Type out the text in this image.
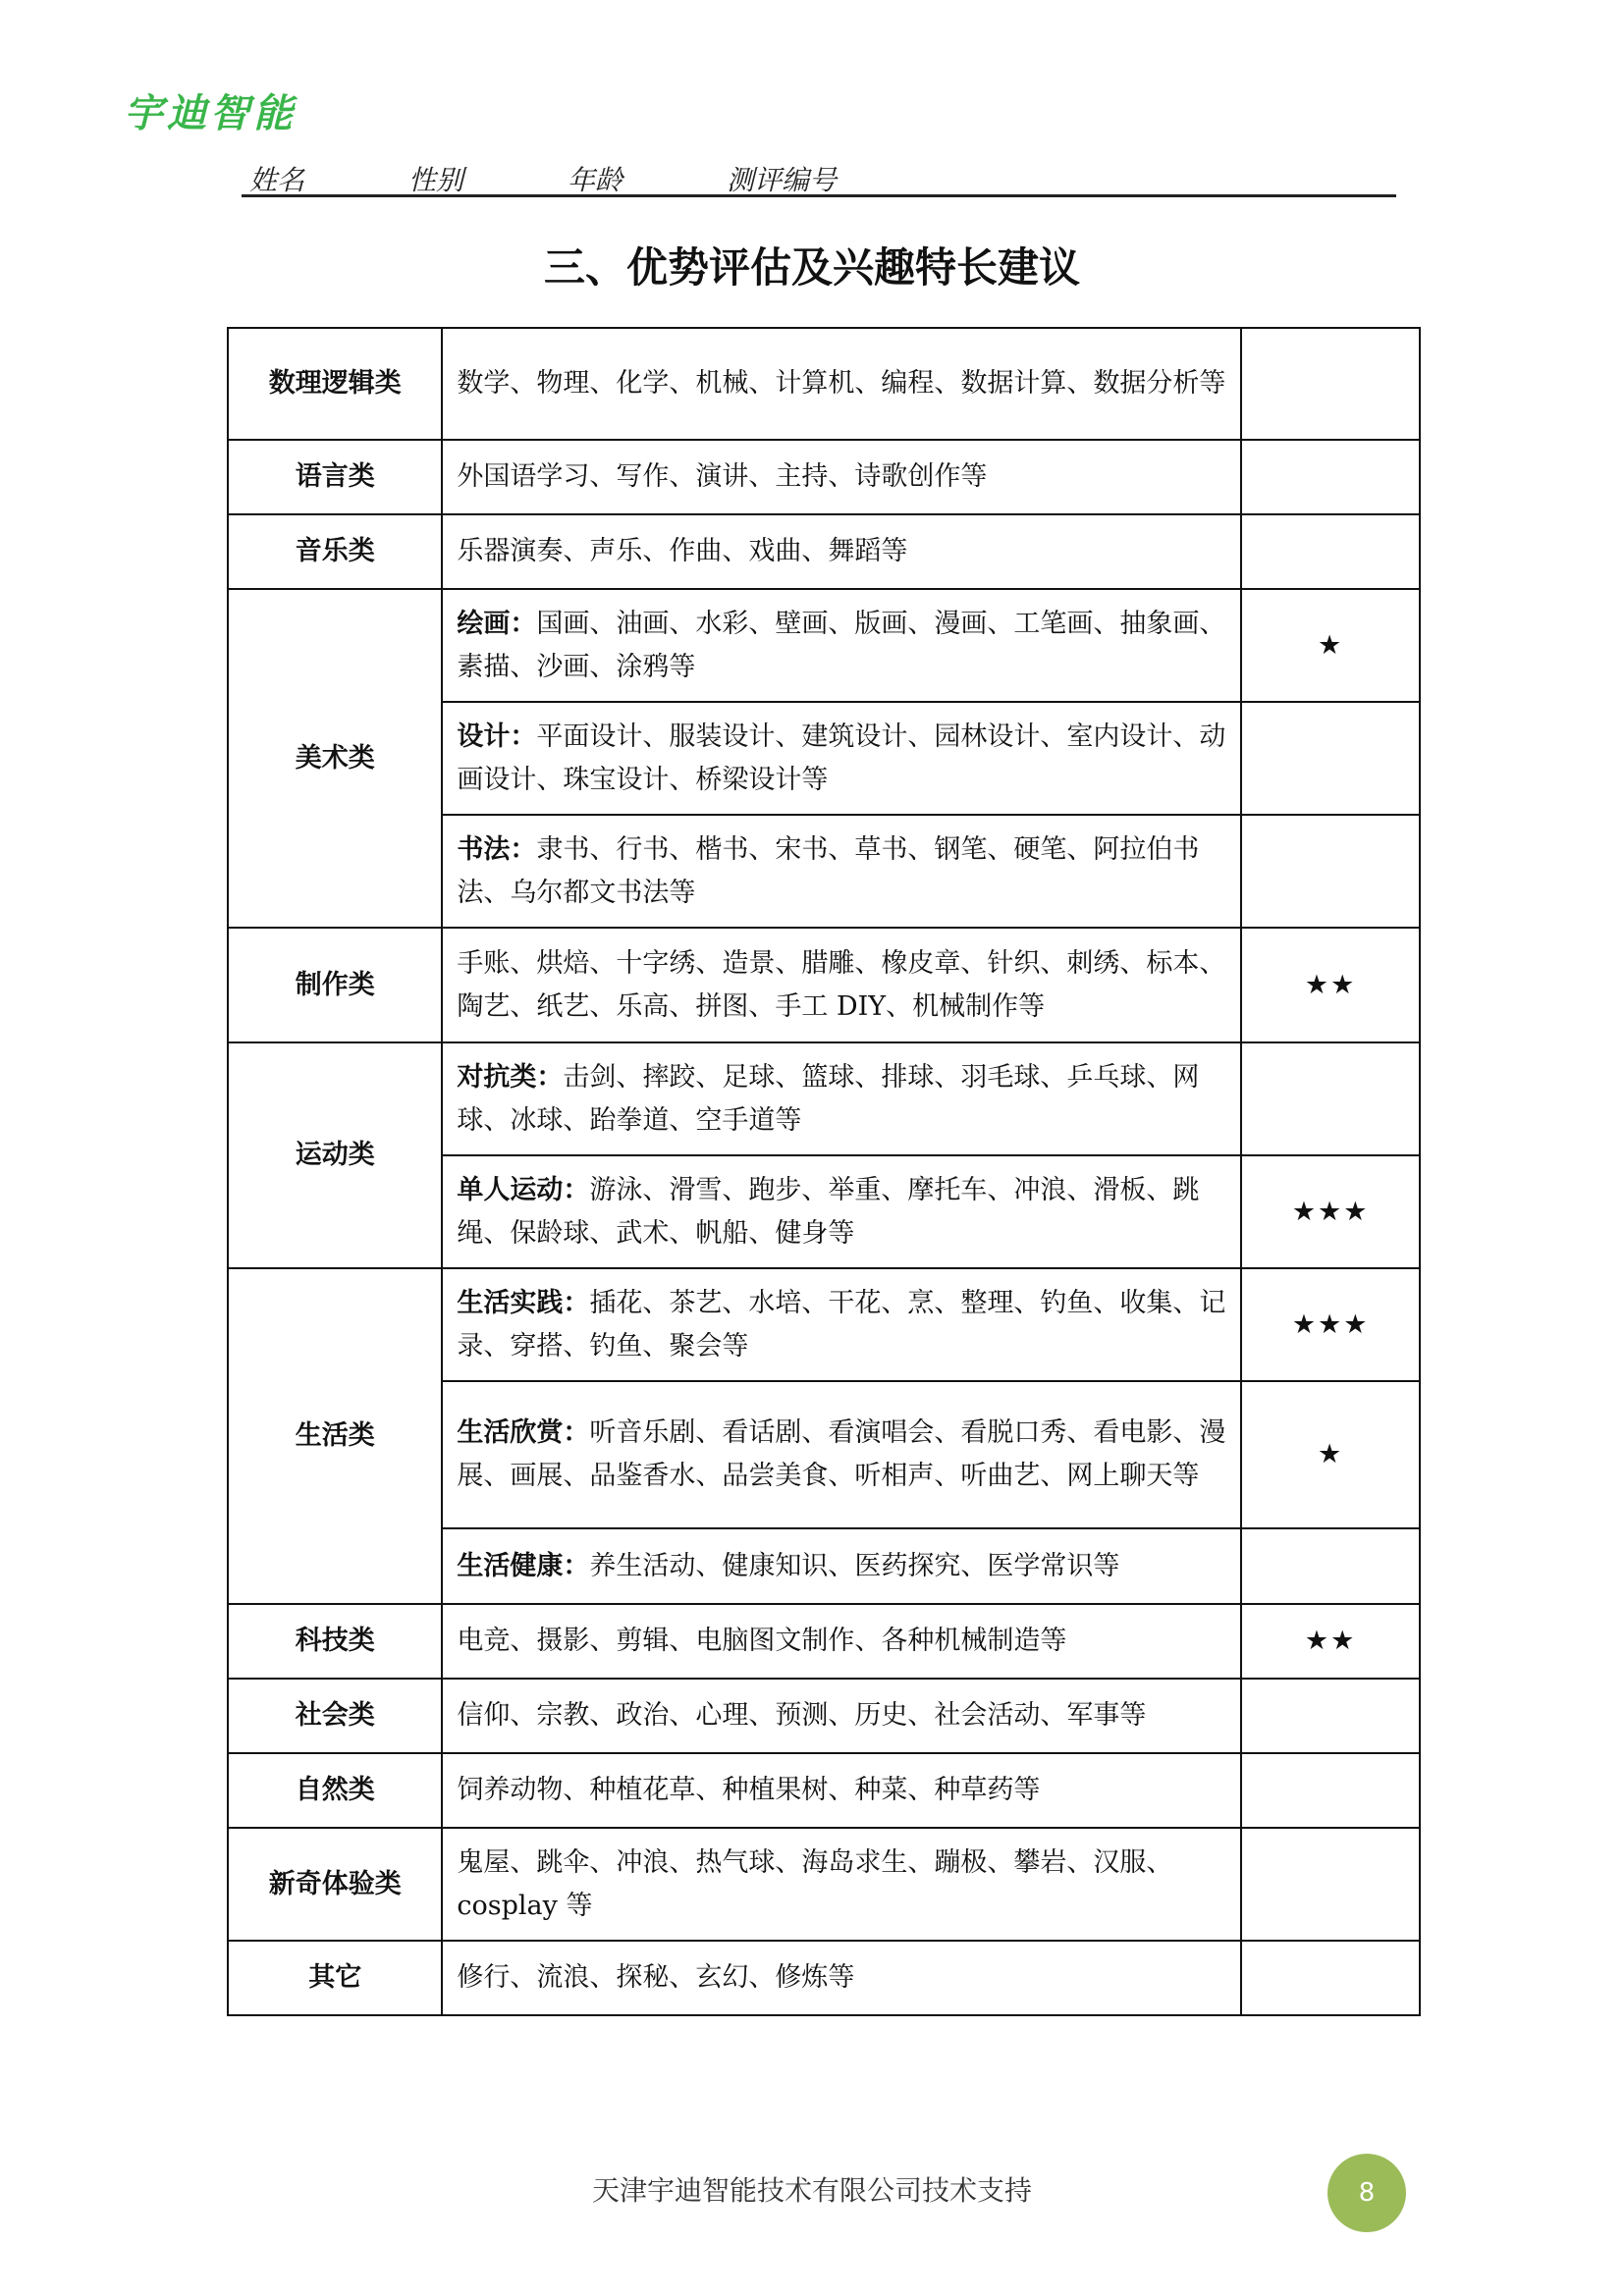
宇迪智能
姓名	性别	年龄	测评编号
三、优势评估及兴趣特长建议
数理逻辑类	数学、物理、化学、机械、计算机、编程、数据计算、数据分析等	
语言类	外国语学习、写作、演讲、主持、诗歌创作等	
音乐类	乐器演奏、声乐、作曲、戏曲、舞蹈等	
美术类	绘画：国画、油画、水彩、壁画、版画、漫画、工笔画、抽象画、素描、沙画、涂鸦等	★
	设计：平面设计、服装设计、建筑设计、园林设计、室内设计、动画设计、珠宝设计、桥梁设计等	
	书法：隶书、行书、楷书、宋书、草书、钢笔、硬笔、阿拉伯书法、乌尔都文书法等	
制作类	手账、烘焙、十字绣、造景、腊雕、橡皮章、针织、刺绣、标本、陶艺、纸艺、乐高、拼图、手工 DIY、机械制作等	★★
运动类	对抗类：击剑、摔跤、足球、篮球、排球、羽毛球、乒乓球、网球、冰球、跆拳道、空手道等	
	单人运动：游泳、滑雪、跑步、举重、摩托车、冲浪、滑板、跳绳、保龄球、武术、帆船、健身等	★★★
生活类	生活实践：插花、茶艺、水培、干花、烹、整理、钓鱼、收集、记录、穿搭、钓鱼、聚会等	★★★
	生活欣赏：听音乐剧、看话剧、看演唱会、看脱口秀、看电影、漫展、画展、品鉴香水、品尝美食、听相声、听曲艺、网上聊天等	★
	生活健康：养生活动、健康知识、医药探究、医学常识等	
科技类	电竞、摄影、剪辑、电脑图文制作、各种机械制造等	★★
社会类	信仰、宗教、政治、心理、预测、历史、社会活动、军事等	
自然类	饲养动物、种植花草、种植果树、种菜、种草药等	
新奇体验类	鬼屋、跳伞、冲浪、热气球、海岛求生、蹦极、攀岩、汉服、cosplay 等	
其它	修行、流浪、探秘、玄幻、修炼等	
天津宇迪智能技术有限公司技术支持	8
